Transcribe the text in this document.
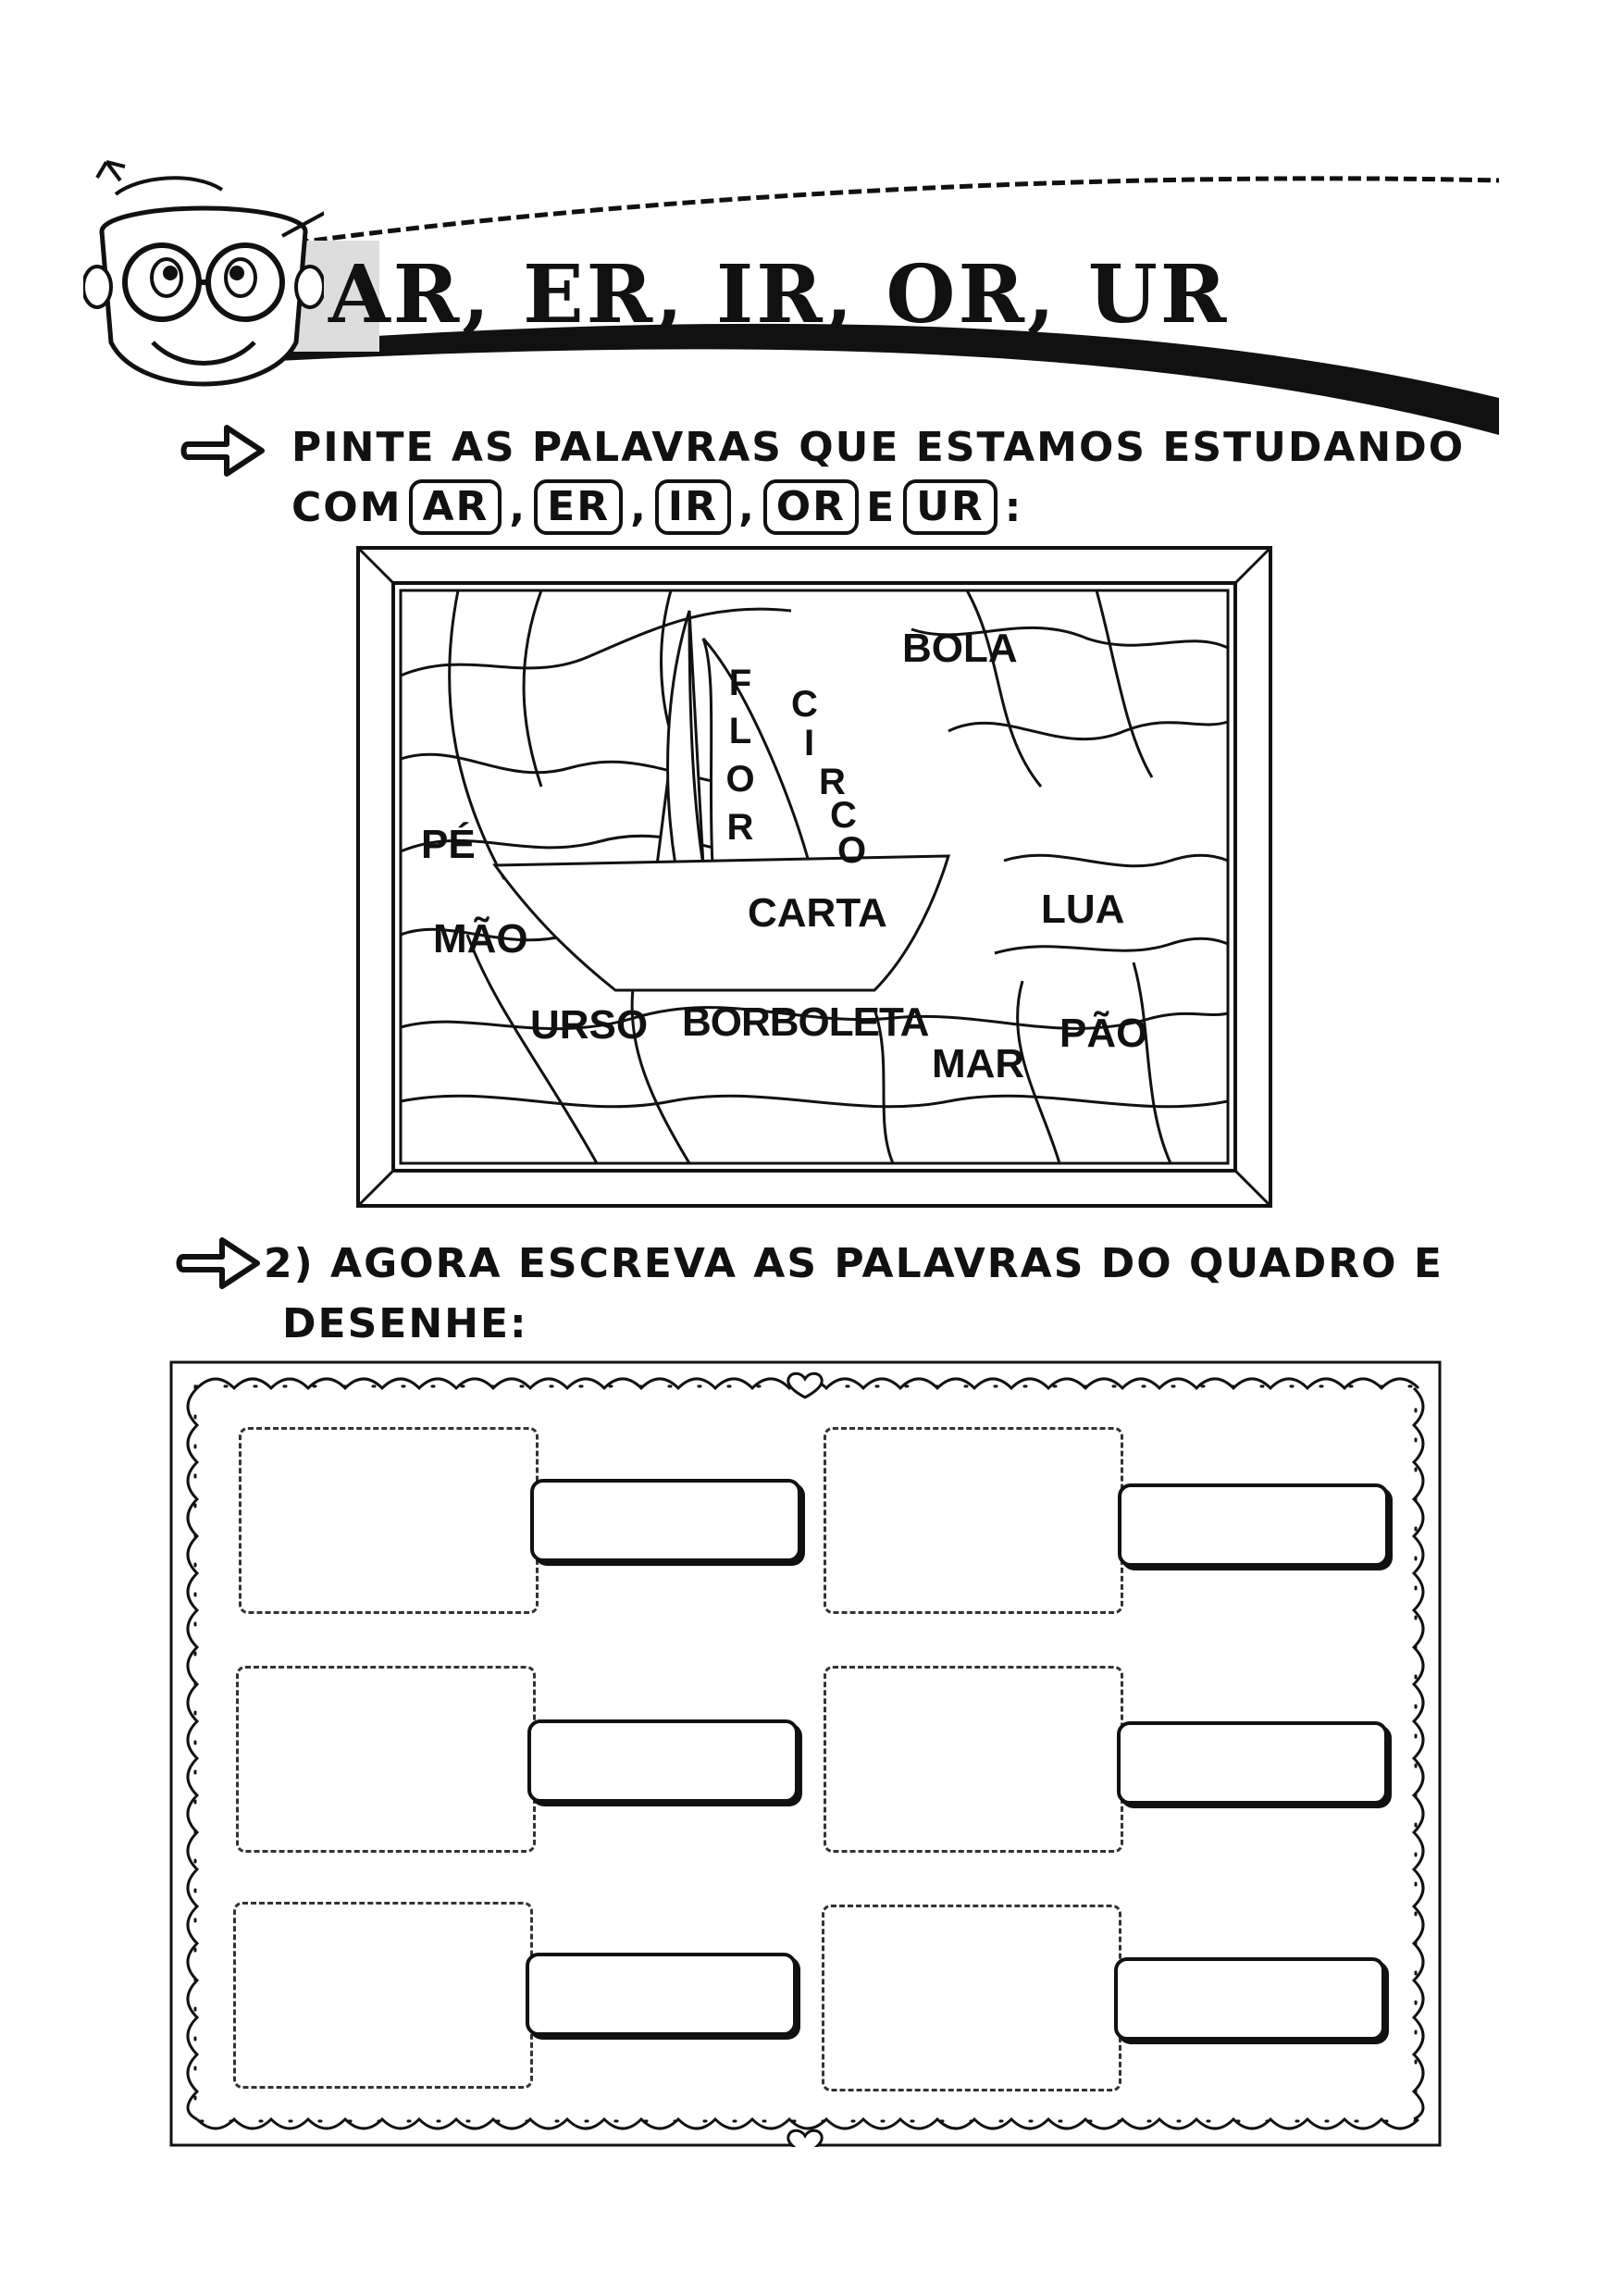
AR, ER, IR, OR, UR
PINTE AS PALAVRAS QUE ESTAMOS ESTUDANDO
COM AR , ER , IR , OR E UR :
BOLA
PÉ
CARTA	LUA
MÃO
URSO BORBOLETA
MAR
PÃO
F
L
O
R
C
I
R
C
O
2) AGORA ESCREVA AS PALAVRAS DO QUADRO E
DESENHE:
